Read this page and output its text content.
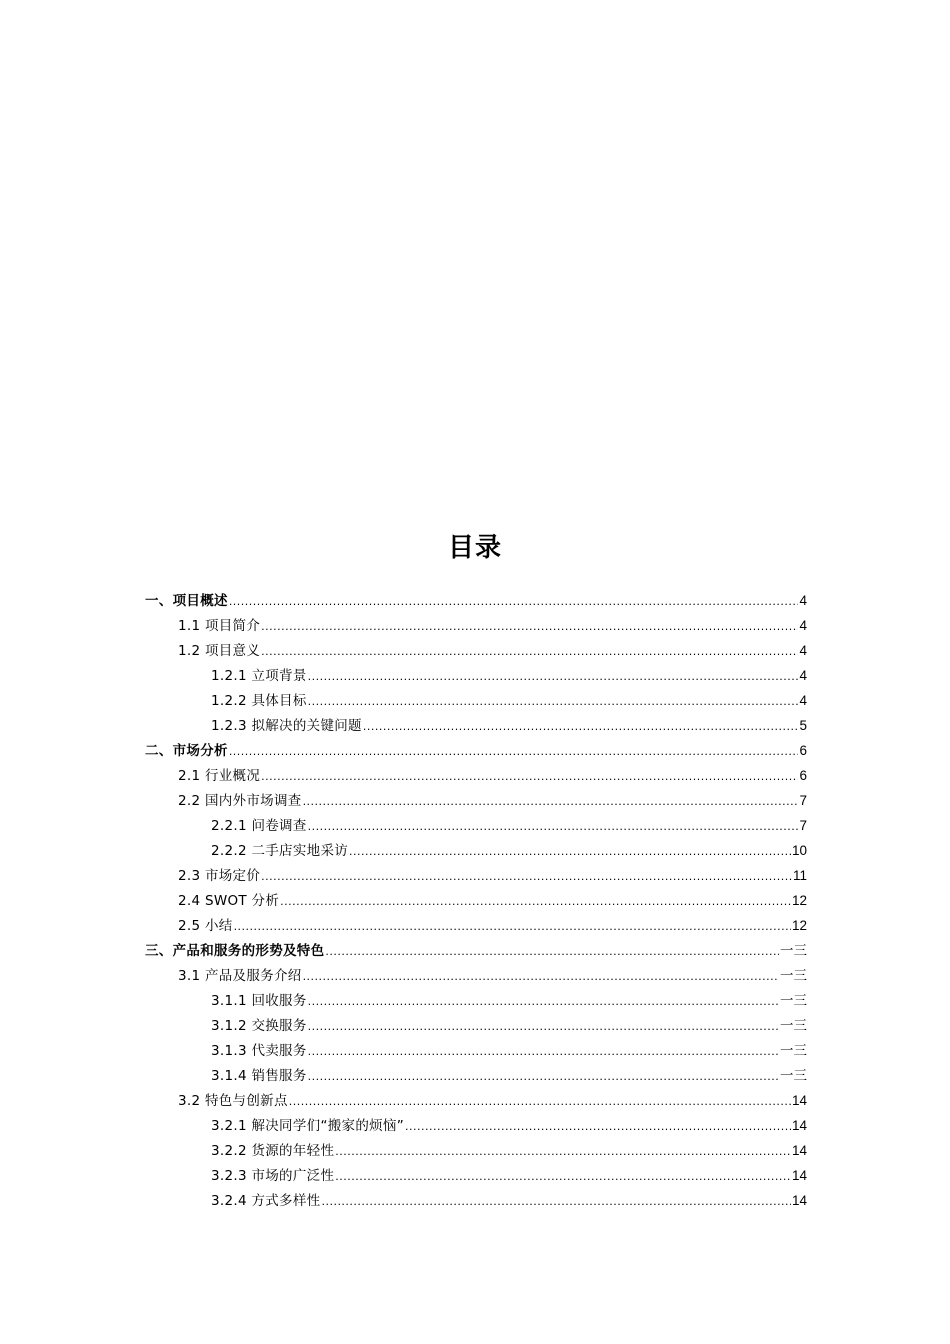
目录
一、项目概述 .....	4
1.1 项目简介 .....	4
1.2 项目意义 .....	4
1.2.1 立项背景 .....	4
1.2.2 具体目标 .....	4
1.2.3 拟解决的关键问题 .....	5
二、市场分析 .....	6
2.1 行业概况 .....	6
2.2 国内外市场调查 .....	7
2.2.1 问卷调查 .....	7
2.2.2 二手店实地采访 .....	10
2.3 市场定价 .....	11
2.4 SWOT 分析 .....	12
2.5 小结 .....	12
三、产品和服务的形势及特色 .....	一三
3.1 产品及服务介绍 .....	一三
3.1.1 回收服务 .....	一三
3.1.2 交换服务 .....	一三
3.1.3 代卖服务 .....	一三
3.1.4 销售服务 .....	一三
3.2 特色与创新点 .....	14
3.2.1 解决同学们“搬家的烦恼” .....	14
3.2.2 货源的年轻性 .....	14
3.2.3 市场的广泛性 .....	14
3.2.4 方式多样性 .....	14
